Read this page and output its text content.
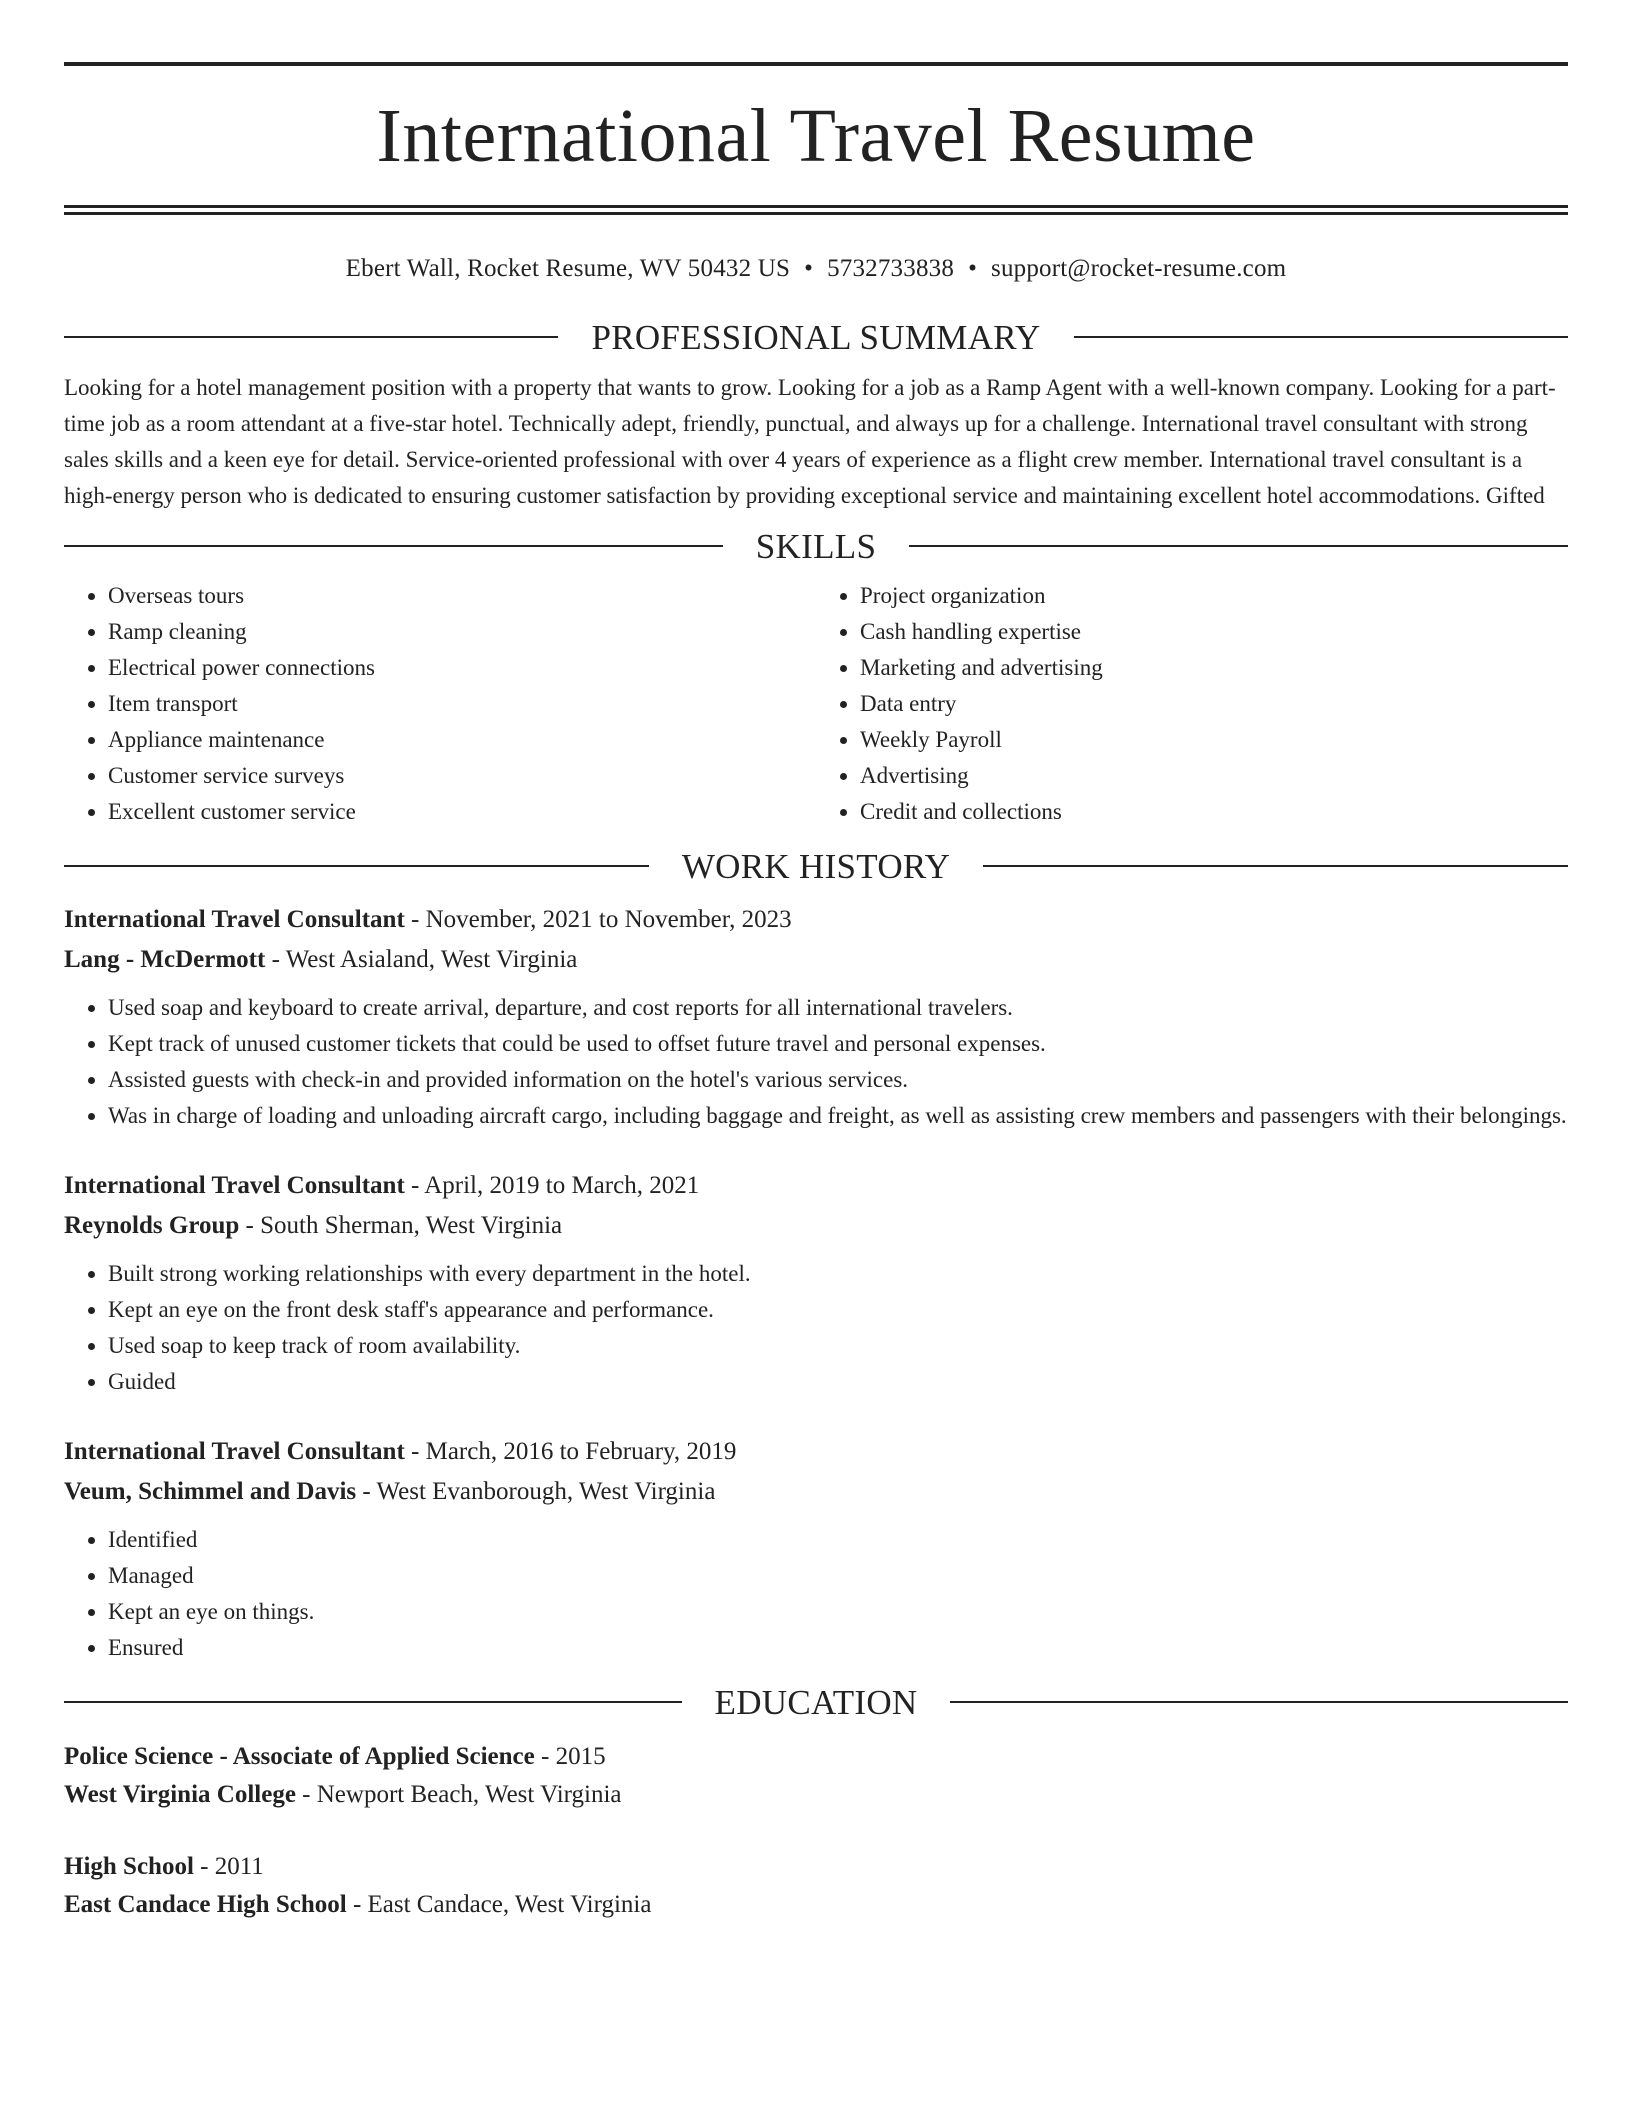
International Travel Resume
Ebert Wall, Rocket Resume, WV 50432 US • 5732733838 • support@rocket-resume.com
PROFESSIONAL SUMMARY

Looking for a hotel management position with a property that wants to grow. Looking for a job as a Ramp Agent with a well-known company. Looking for a part-time job as a room attendant at a five-star hotel. Technically adept, friendly, punctual, and always up for a challenge. International travel consultant with strong sales skills and a keen eye for detail. Service-oriented professional with over 4 years of experience as a flight crew member. International travel consultant is a high-energy person who is dedicated to ensuring customer satisfaction by providing exceptional service and maintaining excellent hotel accommodations. Gifted

SKILLS
• Overseas tours
• Ramp cleaning
• Electrical power connections
• Item transport
• Appliance maintenance
• Customer service surveys
• Excellent customer service
• Project organization
• Cash handling expertise
• Marketing and advertising
• Data entry
• Weekly Payroll
• Advertising
• Credit and collections
WORK HISTORY
International Travel Consultant - November, 2021 to November, 2023
Lang - McDermott - West Asialand, West Virginia
• Used soap and keyboard to create arrival, departure, and cost reports for all international travelers.
• Kept track of unused customer tickets that could be used to offset future travel and personal expenses.
• Assisted guests with check-in and provided information on the hotel's various services.
• Was in charge of loading and unloading aircraft cargo, including baggage and freight, as well as assisting crew members and passengers with their belongings.
International Travel Consultant - April, 2019 to March, 2021
Reynolds Group - South Sherman, West Virginia
• Built strong working relationships with every department in the hotel.
• Kept an eye on the front desk staff's appearance and performance.
• Used soap to keep track of room availability.
• Guided
International Travel Consultant - March, 2016 to February, 2019
Veum, Schimmel and Davis - West Evanborough, West Virginia
• Identified
• Managed
• Kept an eye on things.
• Ensured
EDUCATION
Police Science - Associate of Applied Science - 2015
West Virginia College - Newport Beach, West Virginia
High School - 2011
East Candace High School - East Candace, West Virginia
